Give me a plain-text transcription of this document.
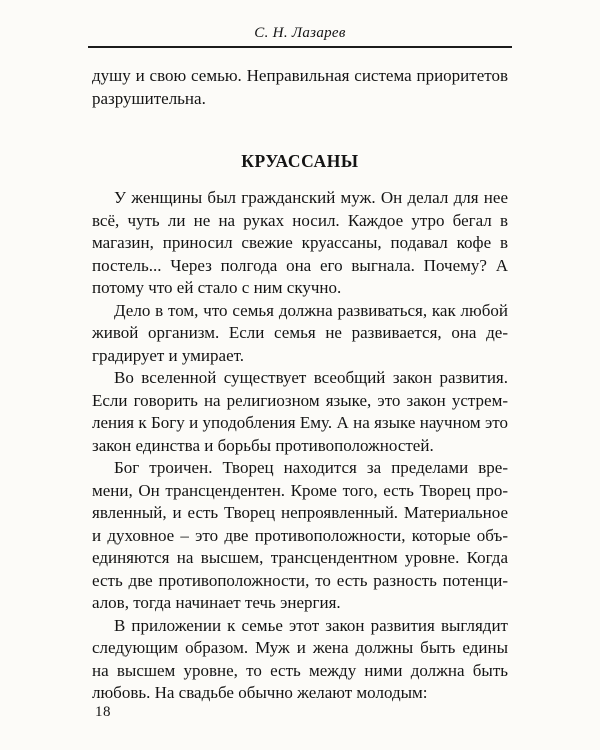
С. Н. Лазарев

душу и свою семью. Неправильная система приоритетов разрушительна.

КРУАССАНЫ

У женщины был гражданский муж. Он делал для нее всё, чуть ли не на руках носил. Каждое утро бегал в магазин, приносил свежие круассаны, подавал кофе в постель... Через полгода она его выгнала. Почему? А потому что ей стало с ним скучно.

Дело в том, что семья должна развиваться, как любой живой организм. Если семья не развивается, она деградирует и умирает.

Во вселенной существует всеобщий закон развития. Если говорить на религиозном языке, это закон устремления к Богу и уподобления Ему. А на языке научном это закон единства и борьбы противоположностей.

Бог троичен. Творец находится за пределами времени, Он трансцендентен. Кроме того, есть Творец проявленный, и есть Творец непроявленный. Материальное и духовное – это две противоположности, которые объединяются на высшем, трансцендентном уровне. Когда есть две противоположности, то есть разность потенциалов, тогда начинает течь энергия.

В приложении к семье этот закон развития выглядит следующим образом. Муж и жена должны быть едины на высшем уровне, то есть между ними должна быть любовь. На свадьбе обычно желают молодым:

18
